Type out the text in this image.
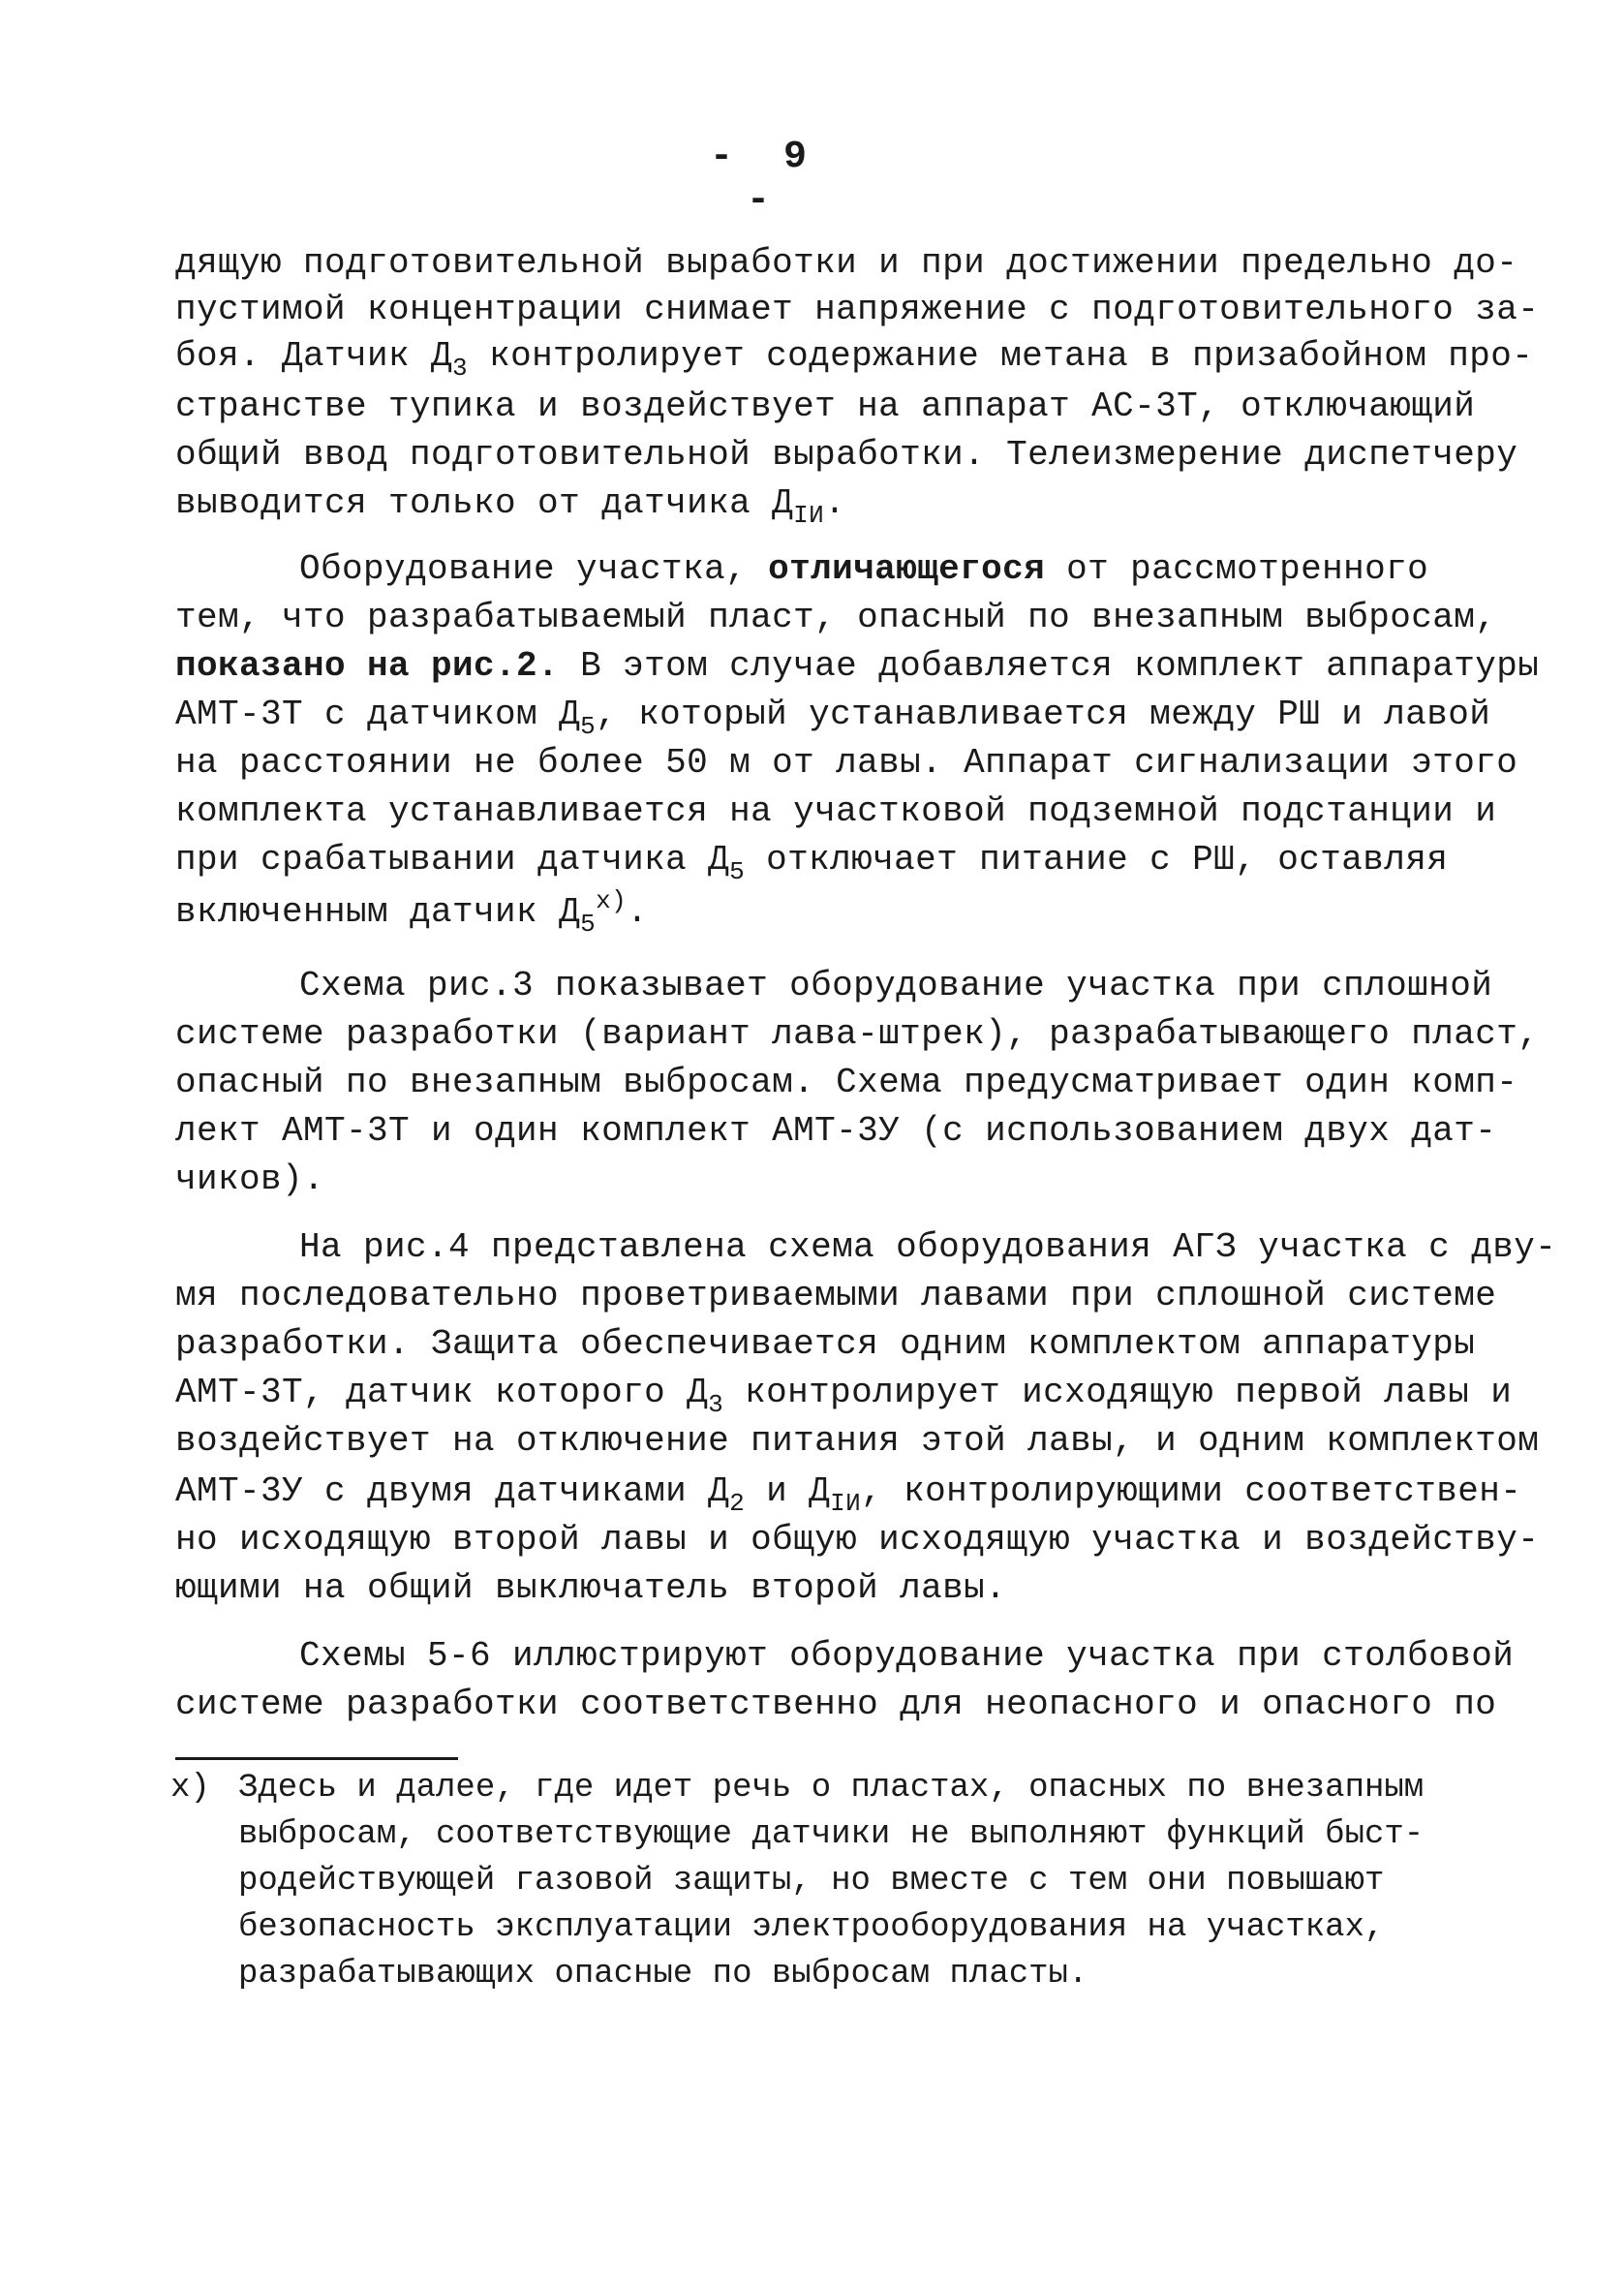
- 9 -
дящую подготовительной выработки и при достижении предельно до-
пустимой концентрации снимает напряжение с подготовительного за-
боя. Датчик $Д_3$ контролирует содержание метана в призабойном про-
странстве тупика и воздействует на аппарат АС-3Т, отключающий
общий ввод подготовительной выработки. Телеизмерение диспетчеру
выводится только от датчика $Д_{IИ}$.
Оборудование участка, отличающегося от рассмотренного
тем, что разрабатываемый пласт, опасный по внезапным выбросам,
показано на рис.2. В этом случае добавляется комплект аппаратуры
АМТ-3Т с датчиком $Д_5$, который устанавливается между РШ и лавой
на расстоянии не более 50 м от лавы. Аппарат сигнализации этого
комплекта устанавливается на участковой подземной подстанции и
при срабатывании датчика $Д_5$ отключает питание с РШ, оставляя
включенным датчик $Д_5^{x)}$.
Схема рис.3 показывает оборудование участка при сплошной
системе разработки (вариант лава-штрек), разрабатывающего пласт,
опасный по внезапным выбросам. Схема предусматривает один комп-
лект АМТ-3Т и один комплект АМТ-3У (с использованием двух дат-
чиков).
На рис.4 представлена схема оборудования АГЗ участка с дву-
мя последовательно проветриваемыми лавами при сплошной системе
разработки. Защита обеспечивается одним комплектом аппаратуры
АМТ-3Т, датчик которого $Д_3$ контролирует исходящую первой лавы и
воздействует на отключение питания этой лавы, и одним комплектом
АМТ-3У с двумя датчиками $Д_2$ и $Д_{IИ}$, контролирующими соответствен-
но исходящую второй лавы и общую исходящую участка и воздейству-
ющими на общий выключатель второй лавы.
Схемы 5-6 иллюстрируют оборудование участка при столбовой
системе разработки соответственно для неопасного и опасного по
x) Здесь и далее, где идет речь о пластах, опасных по внезапным
выбросам, соответствующие датчики не выполняют функций быст-
родействующей газовой защиты, но вместе с тем они повышают
безопасность эксплуатации электрооборудования на участках,
разрабатывающих опасные по выбросам пласты.
